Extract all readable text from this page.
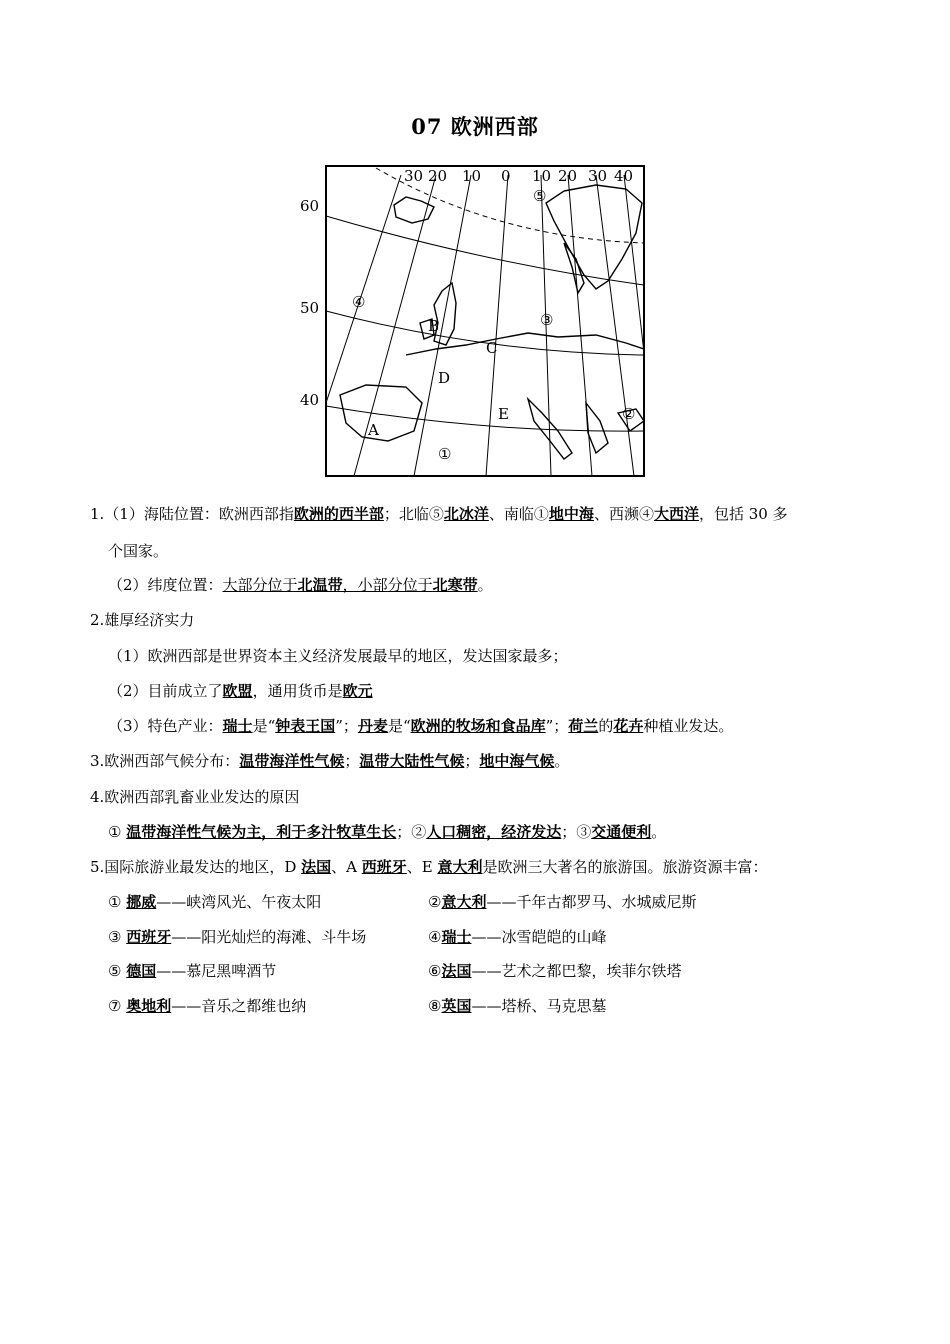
07 欧洲西部
30 20 10 0 10 20 30 40
60
50
40
⑤
④
③
②
①
A
B
C
D
E
1.（1）海陆位置：欧洲西部指欧洲的西半部；北临⑤北冰洋、南临①地中海、西濒④大西洋，包括 30 多
个国家。
（2）纬度位置：大部分位于北温带，小部分位于北寒带。
2.雄厚经济实力
（1）欧洲西部是世界资本主义经济发展最早的地区，发达国家最多；
（2）目前成立了欧盟，通用货币是欧元
（3）特色产业：瑞士是“钟表王国”；丹麦是“欧洲的牧场和食品库”；荷兰的花卉种植业发达。
3.欧洲西部气候分布：温带海洋性气候；温带大陆性气候；地中海气候。
4.欧洲西部乳畜业业发达的原因
① 温带海洋性气候为主，利于多汁牧草生长；②人口稠密，经济发达；③交通便利。
5.国际旅游业最发达的地区，D 法国、A 西班牙、E 意大利是欧洲三大著名的旅游国。旅游资源丰富：
① 挪威——峡湾风光、午夜太阳	②意大利——千年古都罗马、水城威尼斯
③ 西班牙——阳光灿烂的海滩、斗牛场	④瑞士——冰雪皑皑的山峰
⑤ 德国——慕尼黑啤酒节	⑥法国——艺术之都巴黎，埃菲尔铁塔
⑦ 奥地利——音乐之都维也纳	⑧英国——塔桥、马克思墓
